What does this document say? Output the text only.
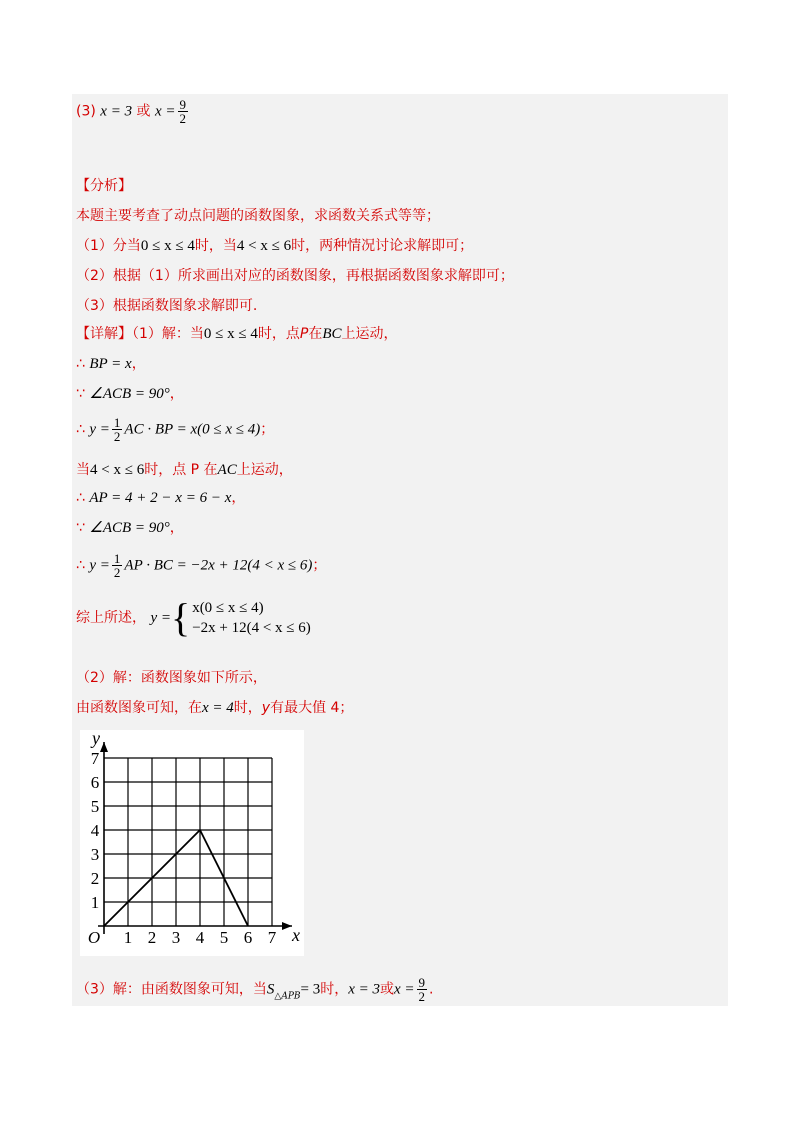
(3) x = 3 或 $x = \frac{9}{2}$
【分析】
本题主要考查了动点问题的函数图象，求函数关系式等等；
（1）分当0 ≤ x ≤ 4时，当4 < x ≤ 6时，两种情况讨论求解即可；
（2）根据（1）所求画出对应的函数图象，再根据函数图象求解即可；
（3）根据函数图象求解即可.
【详解】（1）解：当0 ≤ x ≤ 4时，点P在BC上运动，
∴ BP = x，
∵ ∠ACB = 90°，
∴ $y = \frac{1}{2}$ AC · BP = x(0 ≤ x ≤ 4)；
当4 < x ≤ 6时，点 P 在AC上运动，
∴ AP = 4 + 2 − x = 6 − x，
∵ ∠ACB = 90°，
∴ $y = \frac{1}{2}$ AP · BC = −2x + 12(4 < x ≤ 6)；
综上所述， y ={ x(0 ≤ x ≤ 4)
−2x + 12(4 < x ≤ 6)
（2）解：函数图象如下所示，
由函数图象可知，在x = 4时，y有最大值 4；
1 2 3 4 5 6 7
1
2
3
4
5
6
7
O	x
y
（3）解：由函数图象可知，当$S_{\triangle APB}= 3$时，x = 3或$x = \frac{9}{2}$ .
